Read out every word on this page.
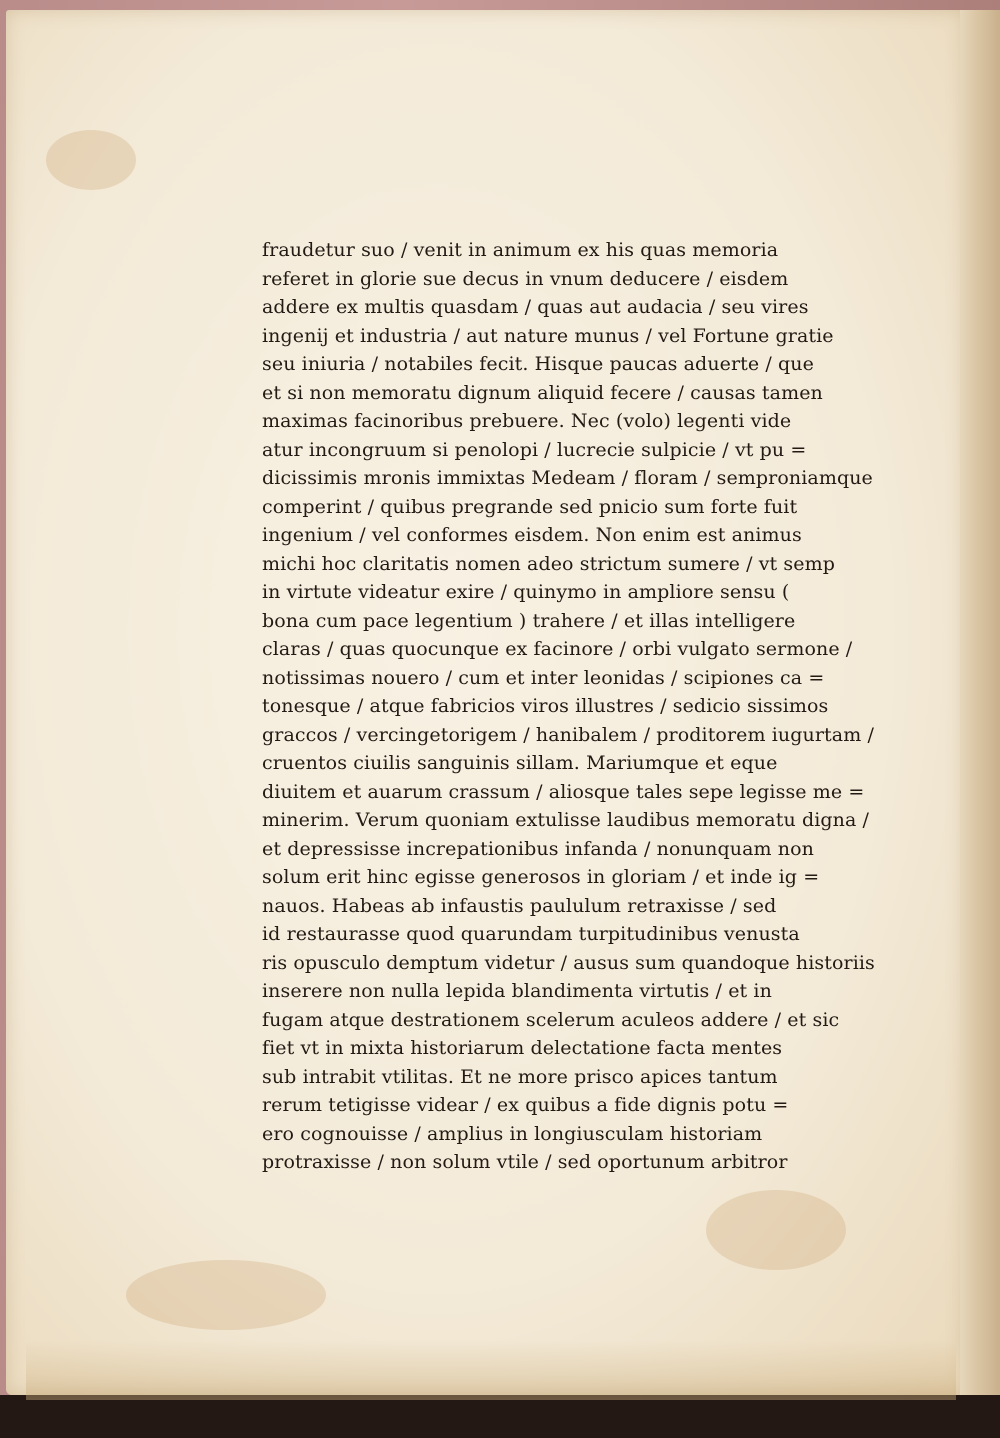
fraudetur suo / venit in animum ex his quas memoria
referet in glorie sue decus in vnum deducere / eisdem
addere ex multis quasdam / quas aut audacia / seu vires
ingenij et industria / aut nature munus / vel Fortune gratie
seu iniuria / notabiles fecit. Hisque paucas aduerte / que
et si non memoratu dignum aliquid fecere / causas tamen
maximas facinoribus prebuere. Nec (volo) legenti vide
atur incongruum si penolopi / lucrecie sulpicie / vt pu =
dicissimis mronis immixtas Medeam / floram / semproniamque
comperint / quibus pregrande sed pnicio sum forte fuit
ingenium / vel conformes eisdem. Non enim est animus
michi hoc claritatis nomen adeo strictum sumere / vt semp
in virtute videatur exire / quinymo in ampliore sensu (
bona cum pace legentium ) trahere / et illas intelligere
claras / quas quocunque ex facinore / orbi vulgato sermone /
notissimas nouero / cum et inter leonidas / scipiones ca =
tonesque / atque fabricios viros illustres / sedicio sissimos
graccos / vercingetorigem / hanibalem / proditorem iugurtam /
cruentos ciuilis sanguinis sillam. Mariumque et eque
diuitem et auarum crassum / aliosque tales sepe legisse me =
minerim. Verum quoniam extulisse laudibus memoratu digna /
et depressisse increpationibus infanda / nonunquam non
solum erit hinc egisse generosos in gloriam / et inde ig =
nauos. Habeas ab infaustis paululum retraxisse / sed
id restaurasse quod quarundam turpitudinibus venusta
ris opusculo demptum videtur / ausus sum quandoque historiis
inserere non nulla lepida blandimenta virtutis / et in
fugam atque destrationem scelerum aculeos addere / et sic
fiet vt in mixta historiarum delectatione facta mentes
sub intrabit vtilitas. Et ne more prisco apices tantum
rerum tetigisse videar / ex quibus a fide dignis potu =
ero cognouisse / amplius in longiusculam historiam
protraxisse / non solum vtile / sed oportunum arbitror
